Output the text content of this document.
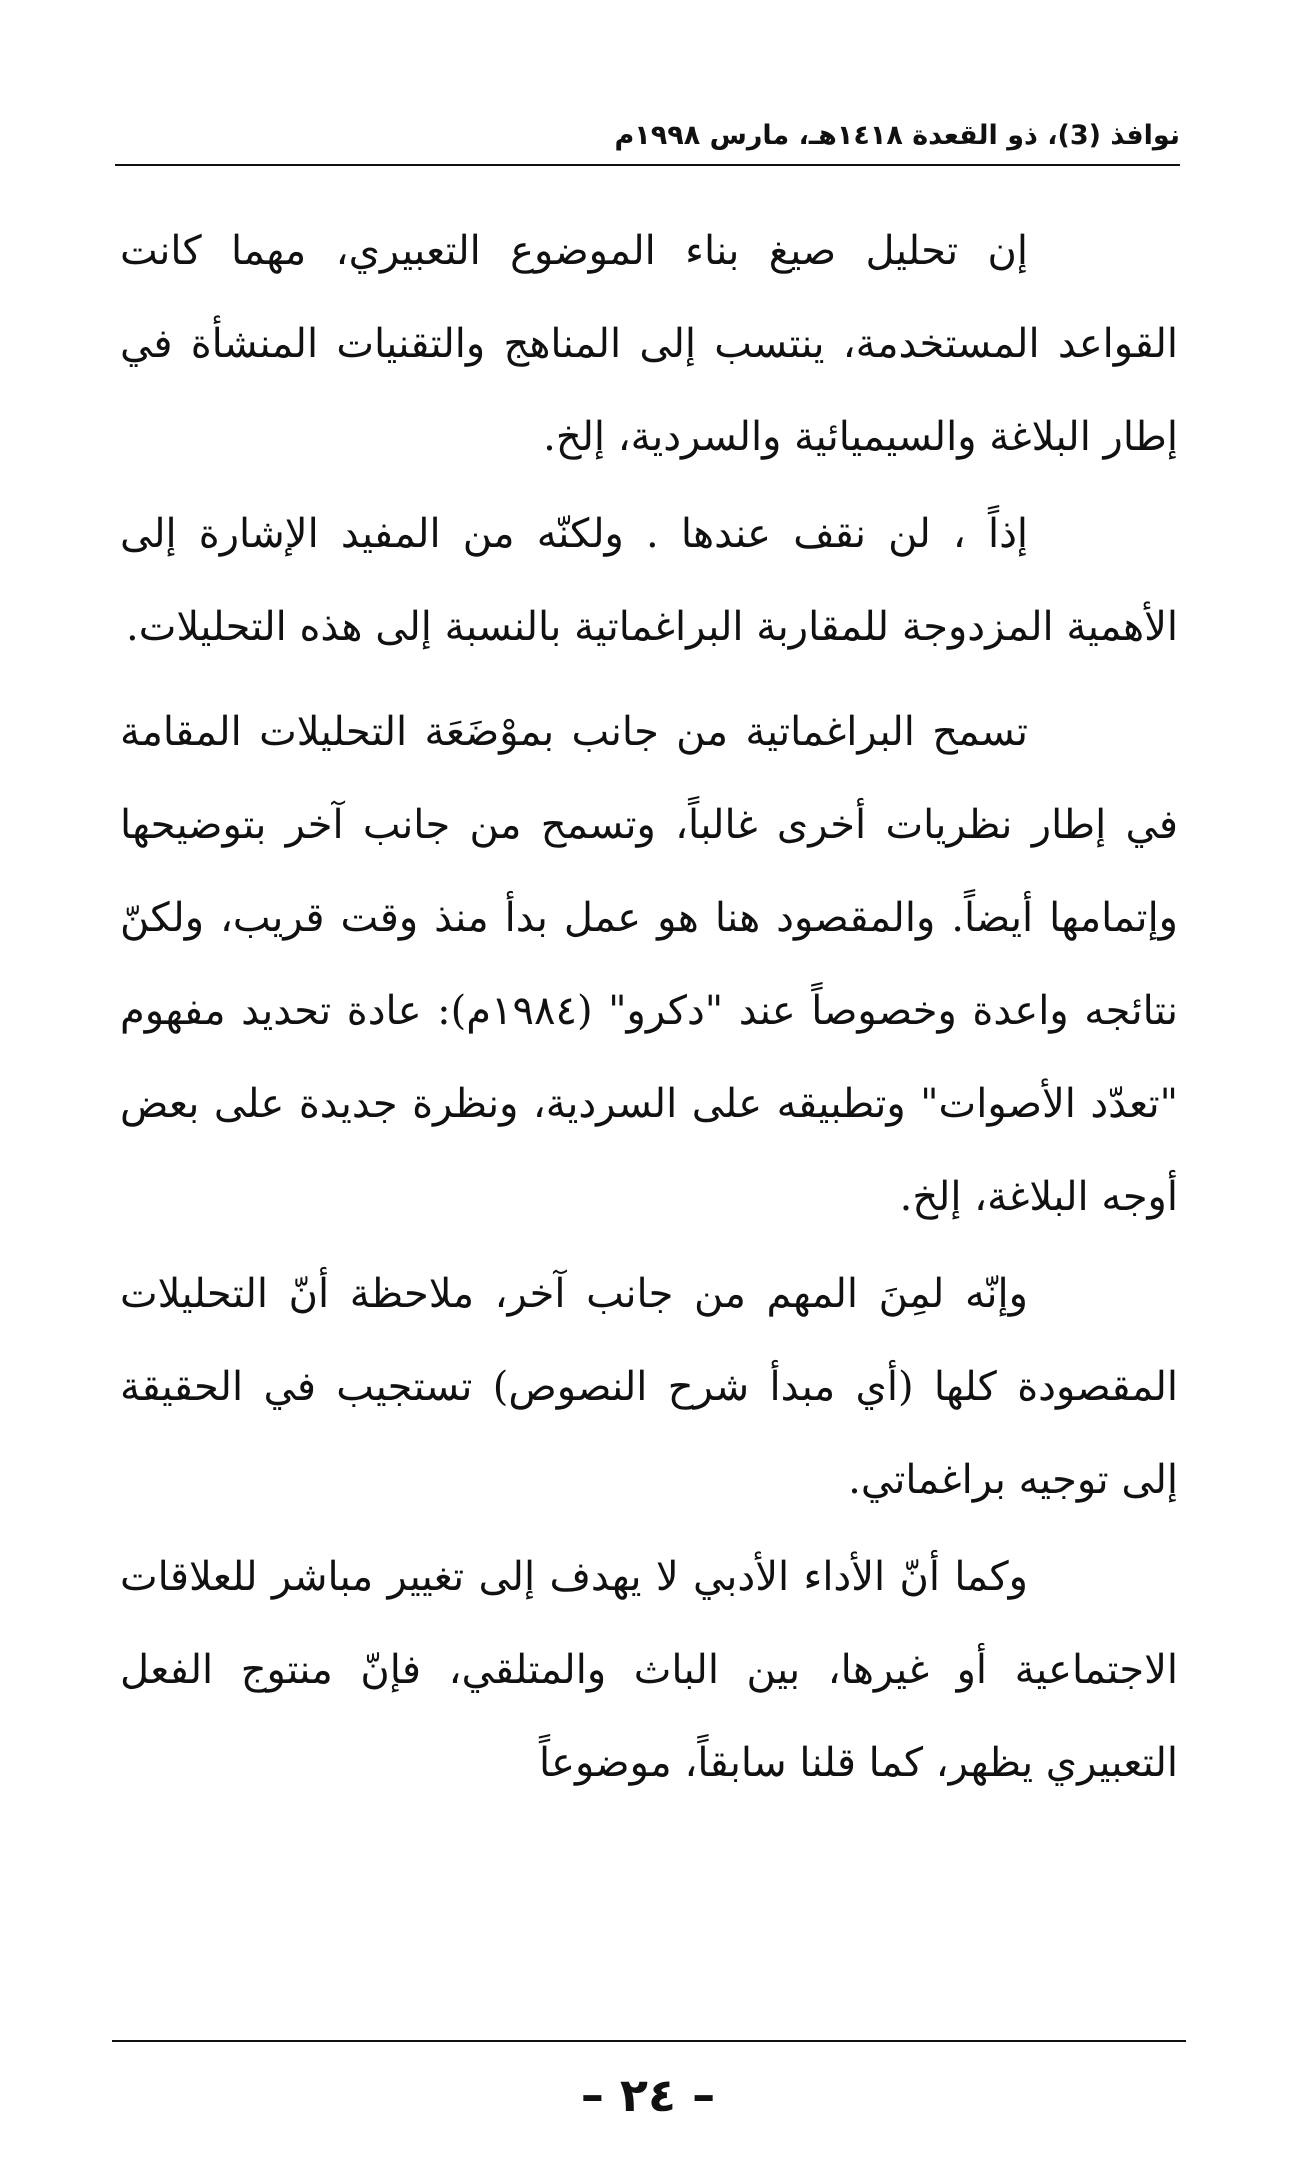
نوافذ (3)، ذو القعدة ١٤١٨هـ، مارس ١٩٩٨م

إن تحليل صيغ بناء الموضوع التعبيري، مهما كانت القواعد المستخدمة، ينتسب إلى المناهج والتقنيات المنشأة في إطار البلاغة والسيميائية والسردية، إلخ.

إذاً ، لن نقف عندها . ولكنّه من المفيد الإشارة إلى الأهمية المزدوجة للمقاربة البراغماتية بالنسبة إلى هذه التحليلات.

تسمح البراغماتية من جانب بموْضَعَة التحليلات المقامة في إطار نظريات أخرى غالباً، وتسمح من جانب آخر بتوضيحها وإتمامها أيضاً. والمقصود هنا هو عمل بدأ منذ وقت قريب، ولكنّ نتائجه واعدة وخصوصاً عند "دكرو" (١٩٨٤م): عادة تحديد مفهوم "تعدّد الأصوات" وتطبيقه على السردية، ونظرة جديدة على بعض أوجه البلاغة، إلخ.

وإنّه لمِنَ المهم من جانب آخر، ملاحظة أنّ التحليلات المقصودة كلها (أي مبدأ شرح النصوص) تستجيب في الحقيقة إلى توجيه براغماتي.

وكما أنّ الأداء الأدبي لا يهدف إلى تغيير مباشر للعلاقات الاجتماعية أو غيرها، بين الباث والمتلقي، فإنّ منتوج الفعل التعبيري يظهر، كما قلنا سابقاً، موضوعاً

– ٢٤ –
